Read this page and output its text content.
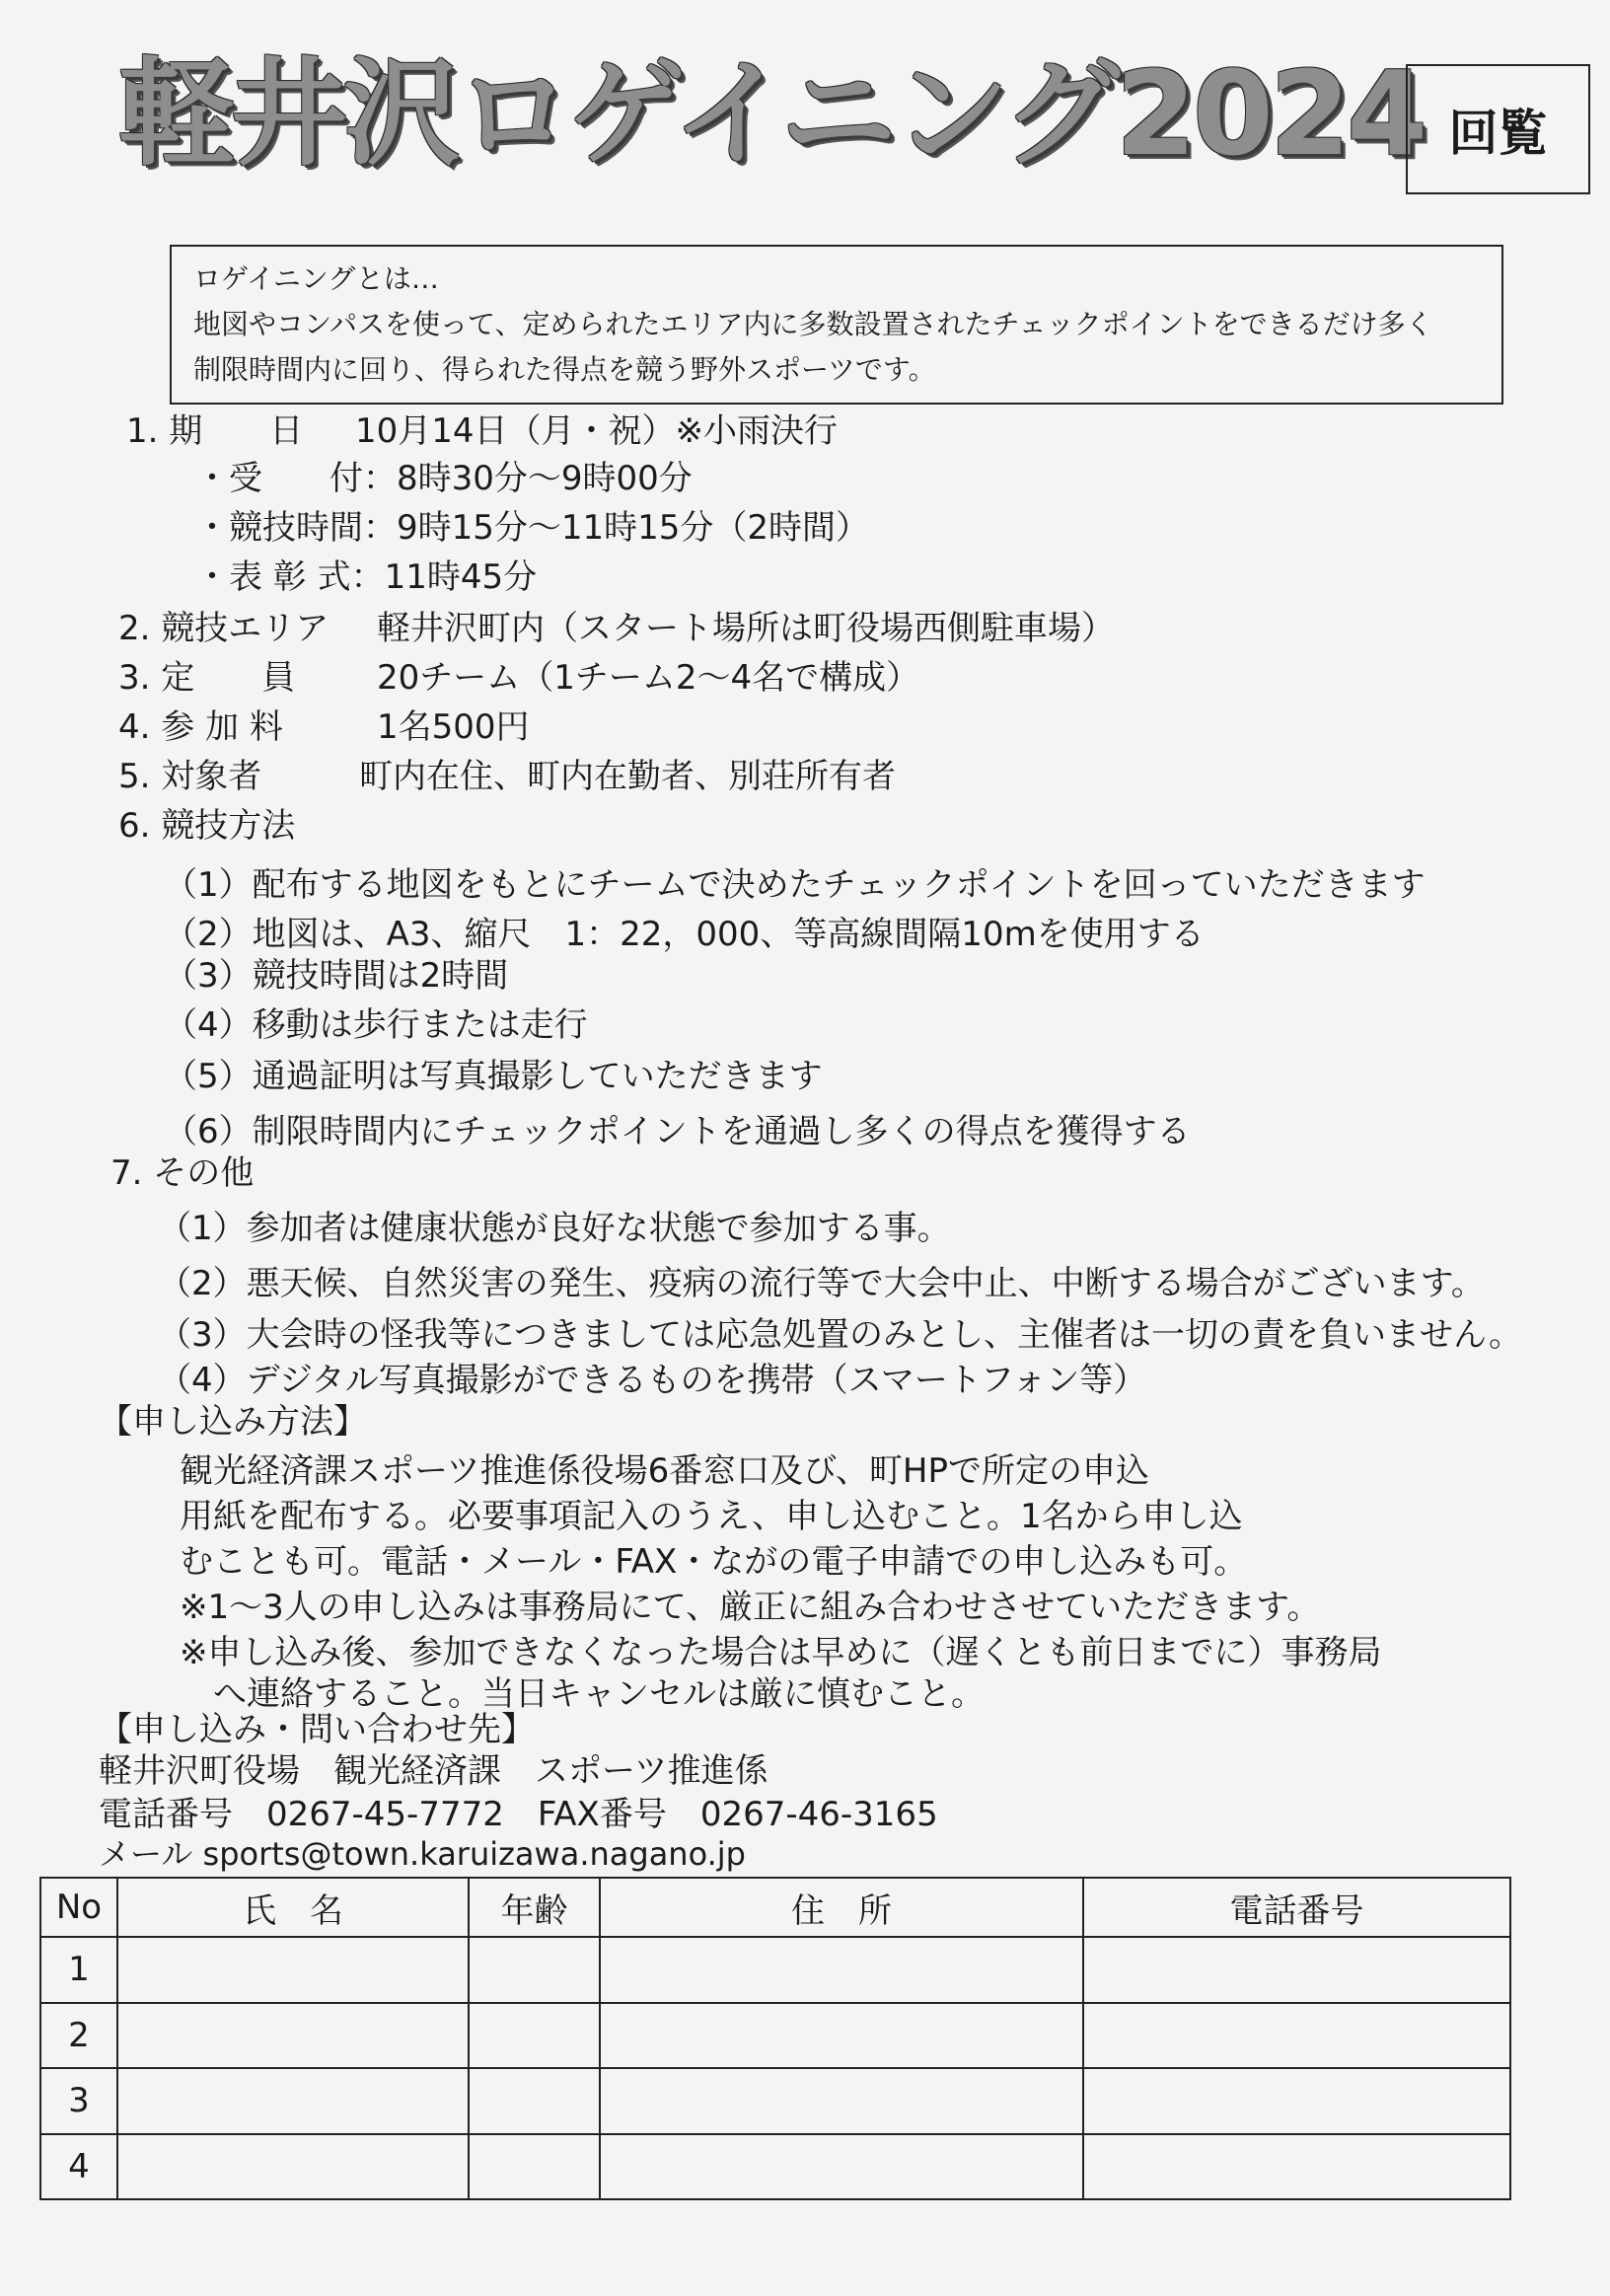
軽井沢ロゲイニング2024 回覧
ロゲイニングとは…
地図やコンパスを使って、定められたエリア内に多数設置されたチェックポイントをできるだけ多く
制限時間内に回り、得られた得点を競う野外スポーツです。
1. 期　　日 10月14日（月・祝）※小雨決行
・受　　付：8時30分～9時00分
・競技時間：9時15分～11時15分（2時間）
・表 彰 式：11時45分
2. 競技エリア 軽井沢町内（スタート場所は町役場西側駐車場）
3. 定　　員 20チーム（1チーム2～4名で構成）
4. 参 加 料	1名500円
5. 対象者	町内在住、町内在勤者、別荘所有者
6. 競技方法
（1）配布する地図をもとにチームで決めたチェックポイントを回っていただきます
（2）地図は、A3、縮尺　1：22，000、等高線間隔10mを使用する
（3）競技時間は2時間
（4）移動は歩行または走行
（5）通過証明は写真撮影していただきます
（6）制限時間内にチェックポイントを通過し多くの得点を獲得する
7. その他
（1）参加者は健康状態が良好な状態で参加する事。
（2）悪天候、自然災害の発生、疫病の流行等で大会中止、中断する場合がございます。
（3）大会時の怪我等につきましては応急処置のみとし、主催者は一切の責を負いません。
（4）デジタル写真撮影ができるものを携帯（スマートフォン等）
【申し込み方法】
観光経済課スポーツ推進係役場6番窓口及び、町HPで所定の申込
用紙を配布する。必要事項記入のうえ、申し込むこと。1名から申し込
むことも可。電話・メール・FAX・ながの電子申請での申し込みも可。
※1～3人の申し込みは事務局にて、厳正に組み合わせさせていただきます。
※申し込み後、参加できなくなった場合は早めに（遅くとも前日までに）事務局
へ連絡すること。当日キャンセルは厳に慎むこと。
【申し込み・問い合わせ先】
軽井沢町役場　観光経済課　スポーツ推進係
電話番号　0267-45-7772　FAX番号　0267-46-3165
メール sports@town.karuizawa.nagano.jp
No	氏　名	年齢	住　所	電話番号
1				
2				
3				
4				
